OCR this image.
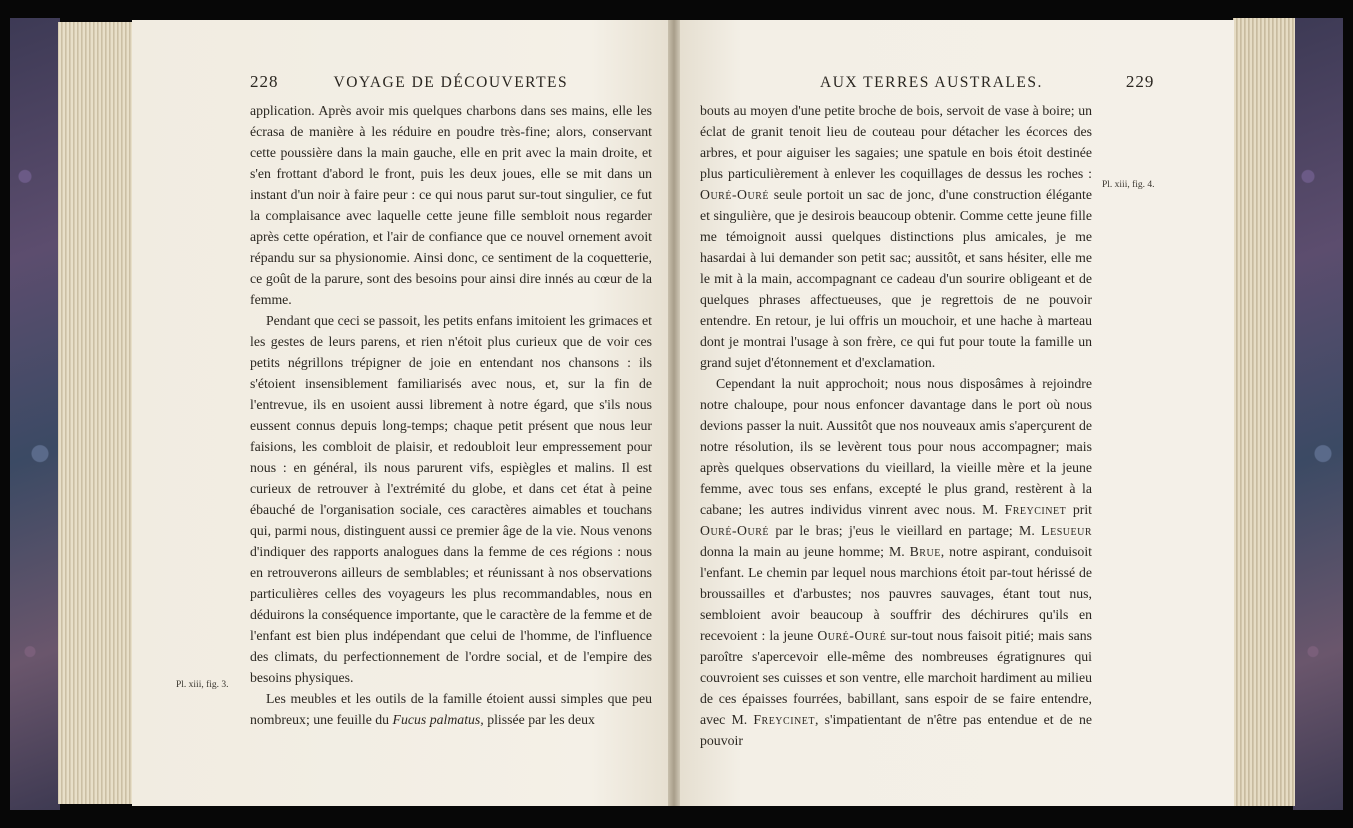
228	VOYAGE DE DÉCOUVERTES	AUX TERRES AUSTRALES.	229

application. Après avoir mis quelques charbons dans ses mains, elle les écrasa de manière à les réduire en poudre très-fine; alors, conservant cette poussière dans la main gauche, elle en prit avec la main droite, et s'en frottant d'abord le front, puis les deux joues, elle se mit dans un instant d'un noir à faire peur : ce qui nous parut sur-tout singulier, ce fut la complaisance avec laquelle cette jeune fille sembloit nous regarder après cette opération, et l'air de confiance que ce nouvel ornement avoit répandu sur sa physionomie. Ainsi donc, ce sentiment de la coquetterie, ce goût de la parure, sont des besoins pour ainsi dire innés au cœur de la femme.

Pendant que ceci se passoit, les petits enfans imitoient les grimaces et les gestes de leurs parens, et rien n'étoit plus curieux que de voir ces petits négrillons trépigner de joie en entendant nos chansons : ils s'étoient insensiblement familiarisés avec nous, et, sur la fin de l'entrevue, ils en usoient aussi librement à notre égard, que s'ils nous eussent connus depuis long-temps; chaque petit présent que nous leur faisions, les combloit de plaisir, et redoubloit leur empressement pour nous : en général, ils nous parurent vifs, espiègles et malins. Il est curieux de retrouver à l'extrémité du globe, et dans cet état à peine ébauché de l'organisation sociale, ces caractères aimables et touchans qui, parmi nous, distinguent aussi ce premier âge de la vie. Nous venons d'indiquer des rapports analogues dans la femme de ces régions : nous en retrouverons ailleurs de semblables; et réunissant à nos observations particulières celles des voyageurs les plus recommandables, nous en déduirons la conséquence importante, que le caractère de la femme et de l'enfant est bien plus indépendant que celui de l'homme, de l'influence des climats, du perfectionnement de l'ordre social, et de l'empire des besoins physiques.

Les meubles et les outils de la famille étoient aussi simples que peu nombreux; une feuille du Fucus palmatus, plissée par les deux

Pl. xiii, fig. 3.

bouts au moyen d'une petite broche de bois, servoit de vase à boire; un éclat de granit tenoit lieu de couteau pour détacher les écorces des arbres, et pour aiguiser les sagaies; une spatule en bois étoit destinée plus particulièrement à enlever les coquillages de dessus les roches : Ouré-Ouré seule portoit un sac de jonc, d'une construction élégante et singulière, que je desirois beaucoup obtenir. Comme cette jeune fille me témoignoit aussi quelques distinctions plus amicales, je me hasardai à lui demander son petit sac; aussitôt, et sans hésiter, elle me le mit à la main, accompagnant ce cadeau d'un sourire obligeant et de quelques phrases affectueuses, que je regrettois de ne pouvoir entendre. En retour, je lui offris un mouchoir, et une hache à marteau dont je montrai l'usage à son frère, ce qui fut pour toute la famille un grand sujet d'étonnement et d'exclamation.

Cependant la nuit approchoit; nous nous disposâmes à rejoindre notre chaloupe, pour nous enfoncer davantage dans le port où nous devions passer la nuit. Aussitôt que nos nouveaux amis s'aperçurent de notre résolution, ils se levèrent tous pour nous accompagner; mais après quelques observations du vieillard, la vieille mère et la jeune femme, avec tous ses enfans, excepté le plus grand, restèrent à la cabane; les autres individus vinrent avec nous. M. Freycinet prit Ouré-Ouré par le bras; j'eus le vieillard en partage; M. Lesueur donna la main au jeune homme; M. Brue, notre aspirant, conduisoit l'enfant. Le chemin par lequel nous marchions étoit par-tout hérissé de broussailles et d'arbustes; nos pauvres sauvages, étant tout nus, sembloient avoir beaucoup à souffrir des déchirures qu'ils en recevoient : la jeune Ouré-Ouré sur-tout nous faisoit pitié; mais sans paroître s'apercevoir elle-même des nombreuses égratignures qui couvroient ses cuisses et son ventre, elle marchoit hardiment au milieu de ces épaisses fourrées, babillant, sans espoir de se faire entendre, avec M. Freycinet, s'impatientant de n'être pas entendue et de ne pouvoir

Pl. xiii, fig. 4.
